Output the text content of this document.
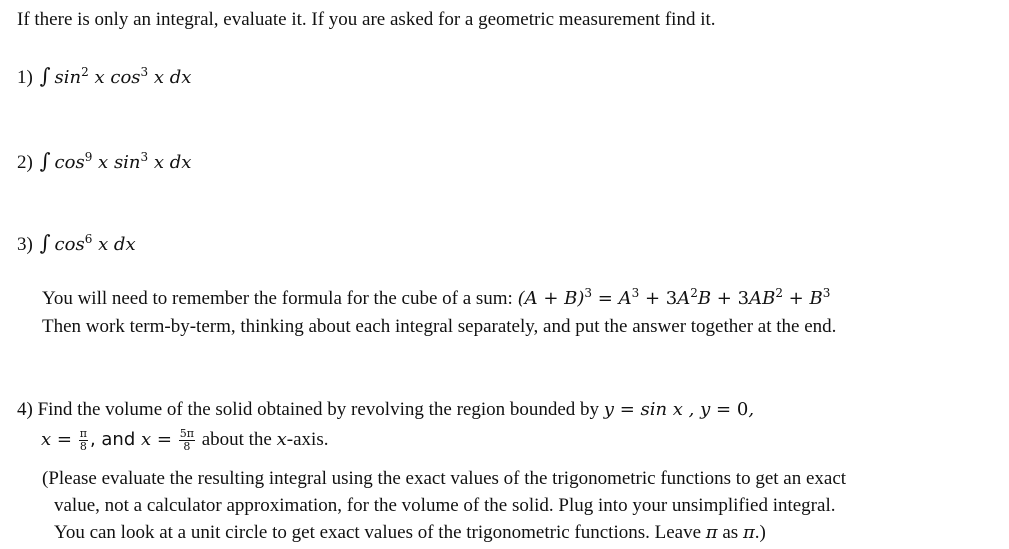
If there is only an integral, evaluate it. If you are asked for a geometric measurement find it.
1) ∫ $\sin^2 x$ $\cos^3 x$ dx
2) ∫ $\cos^9 x$ $\sin^3 x$ dx
3) ∫ $\cos^6 x$ dx
You will need to remember the formula for the cube of a sum: $(A + B)^3 = A^3 + 3A^2B + 3AB^2 + B^3$
Then work term-by-term, thinking about each integral separately, and put the answer together at the end.
4) Find the volume of the solid obtained by revolving the region bounded by y = sin x , y = 0,
$x = \frac{\pi}{8}$ , and $x = \frac{5\pi}{8}$ about the x-axis.
(Please evaluate the resulting integral using the exact values of the trigonometric functions to get an exact
value, not a calculator approximation, for the volume of the solid. Plug into your unsimplified integral.
You can look at a unit circle to get exact values of the trigonometric functions. Leave π as π.)
